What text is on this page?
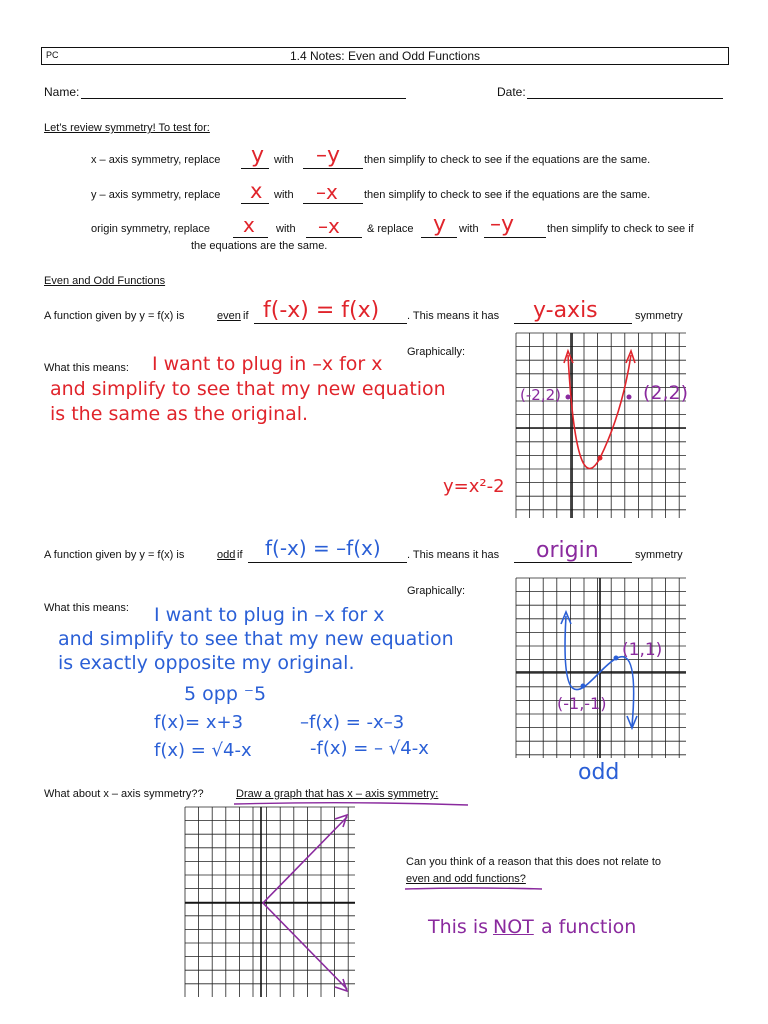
PC	1.4 Notes: Even and Odd Functions
Name:	Date:
Let’s review symmetry! To test for:
x – axis symmetry, replace y with –y then simplify to check to see if the equations are the same.
y – axis symmetry, replace x with –x then simplify to check to see if the equations are the same.
origin symmetry, replace x with –x & replace y with –y	then simplify to check to see if
the equations are the same.
Even and Odd Functions
A function given by y = f(x) is	even if f(-x) = f(x)	. This means it has y-axis	symmetry
Graphically:
What this means: I want to plug in –x for x
and simplify to see that my new equation
is the same as the original.
(-2,2)	(2,2)
y=x²-2
A function given by y = f(x) is	odd if f(-x) = –f(x) . This means it has origin	symmetry
Graphically:
What this means: I want to plug in –x for x
and simplify to see that my new equation
is exactly opposite my original.
5 opp ⁻5
f(x)= x+3	–f(x) = -x–3
f(x) = √4-x	-f(x) = – √4-x
(1,1)
(-1,-1)
odd
What about x – axis symmetry??	Draw a graph that has x – axis symmetry:
Can you think of a reason that this does not relate to
even and odd functions?
This is NOT a function
